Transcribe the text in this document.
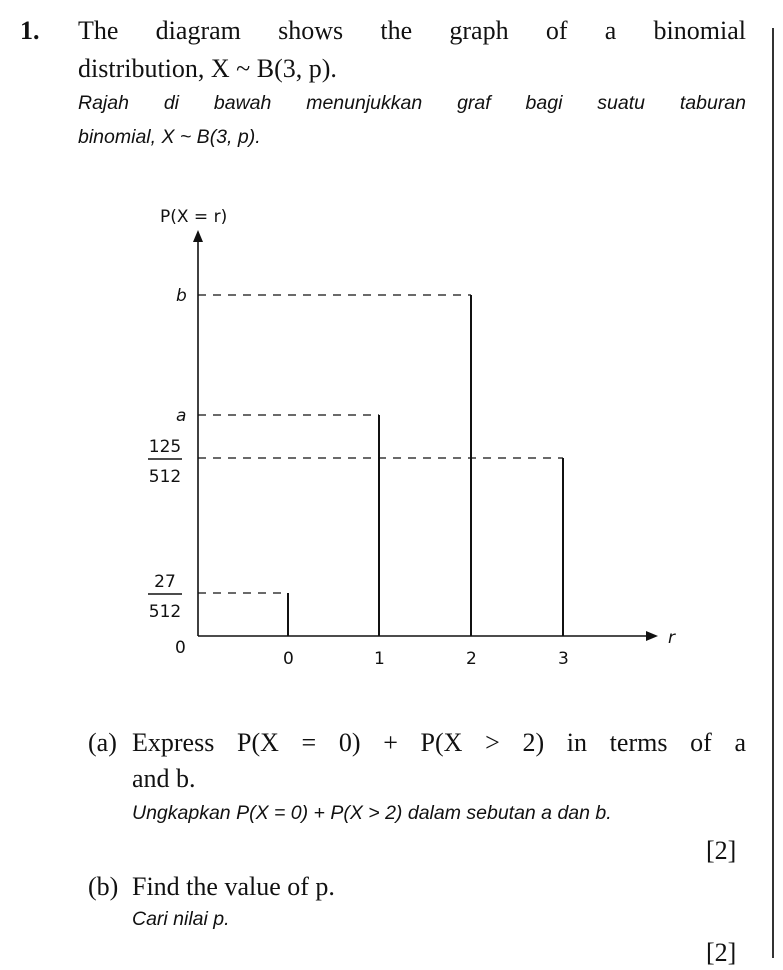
1. The diagram shows the graph of a binomial
distribution, X ~ B(3, p).
Rajah di bawah menunjukkan graf bagi suatu taburan
binomial, X ~ B(3, p).
P(X = r)
r
0
0	1	2	3
b
a
125
512
27
512
(a) Express P(X = 0) + P(X > 2) in terms of a
and b.
Ungkapkan P(X = 0) + P(X > 2) dalam sebutan a dan b.
[2]
(b) Find the value of p.
Cari nilai p.
[2]
